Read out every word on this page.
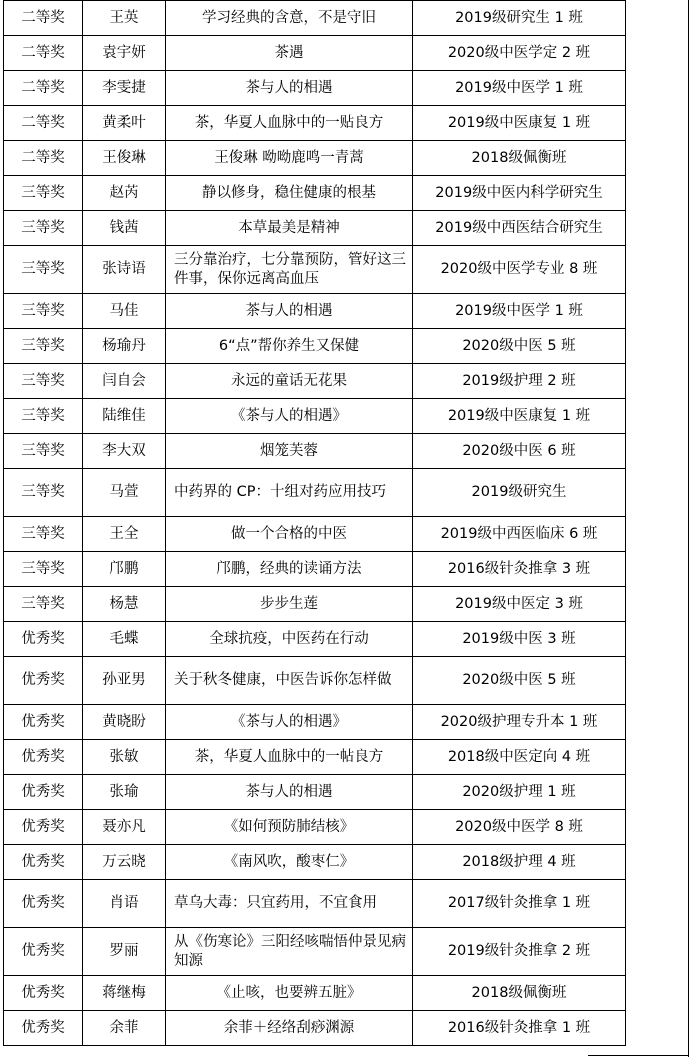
二等奖	王英	学习经典的含意，不是守旧	2019级研究生 1 班
二等奖	袁宇妍	茶遇	2020级中医学定 2 班
二等奖	李雯捷	茶与人的相遇	2019级中医学 1 班
二等奖	黄柔叶	茶，华夏人血脉中的一贴良方	2019级中医康复 1 班
二等奖	王俊琳	王俊琳 呦呦鹿鸣一青蒿	2018级佩衡班
三等奖	赵芮	静以修身，稳住健康的根基	2019级中医内科学研究生
三等奖	钱茜	本草最美是精神	2019级中西医结合研究生
三等奖	张诗语	三分靠治疗，七分靠预防，管好这三件事，保你远离高血压	2020级中医学专业 8 班
三等奖	马佳	茶与人的相遇	2019级中医学 1 班
三等奖	杨瑜丹	6“点”帮你养生又保健	2020级中医 5 班
三等奖	闫自会	永远的童话无花果	2019级护理 2 班
三等奖	陆维佳	《茶与人的相遇》	2019级中医康复 1 班
三等奖	李大双	烟笼芙蓉	2020级中医 6 班
三等奖	马萱	中药界的 CP：十组对药应用技巧	2019级研究生
三等奖	王全	做一个合格的中医	2019级中西医临床 6 班
三等奖	邝鹏	邝鹏，经典的读诵方法	2016级针灸推拿 3 班
三等奖	杨慧	步步生莲	2019级中医定 3 班
优秀奖	毛蝶	全球抗疫，中医药在行动	2019级中医 3 班
优秀奖	孙亚男	关于秋冬健康，中医告诉你怎样做	2020级中医 5 班
优秀奖	黄晓盼	《茶与人的相遇》	2020级护理专升本 1 班
优秀奖	张敏	茶，华夏人血脉中的一帖良方	2018级中医定向 4 班
优秀奖	张瑜	茶与人的相遇	2020级护理 1 班
优秀奖	聂亦凡	《如何预防肺结核》	2020级中医学 8 班
优秀奖	万云晓	《南风吹，酸枣仁》	2018级护理 4 班
优秀奖	肖语	草乌大毒：只宜药用，不宜食用	2017级针灸推拿 1 班
优秀奖	罗丽	从《伤寒论》三阳经咳喘悟仲景见病知源	2019级针灸推拿 2 班
优秀奖	蒋继梅	《止咳，也要辨五脏》	2018级佩衡班
优秀奖	余菲	余菲＋经络刮痧渊源	2016级针灸推拿 1 班
